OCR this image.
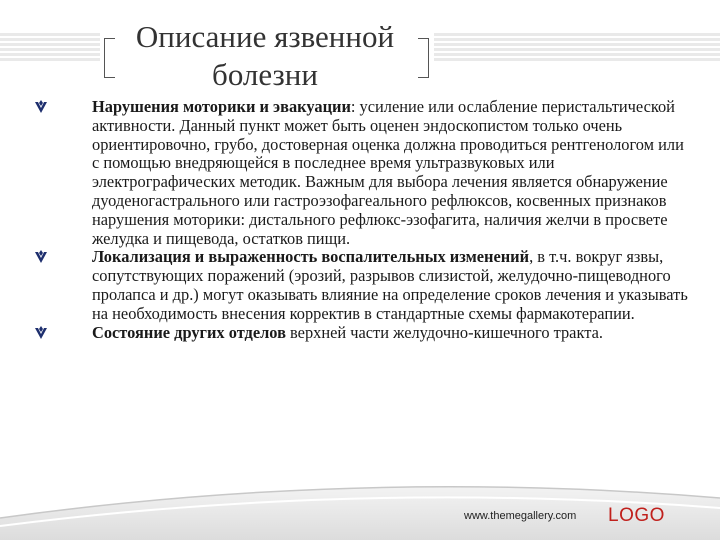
Описание язвенной
болезни
Нарушения моторики и эвакуации: усиление или ослабление перистальтической активности. Данный пункт может быть оценен эндоскопистом только очень ориентировочно, грубо, достоверная оценка должна проводиться рентгенологом или с помощью внедряющейся в последнее время ультразвуковых или электрографических методик. Важным для выбора лечения является обнаружение дуоденогастрального или гастроэзофагеального рефлюксов, косвенных признаков нарушения моторики: дистального рефлюкс-эзофагита, наличия желчи в просвете желудка и пищевода, остатков пищи.
Локализация и выраженность воспалительных изменений, в т.ч. вокруг язвы, сопутствующих поражений (эрозий, разрывов слизистой, желудочно-пищеводного пролапса и др.) могут оказывать влияние на определение сроков лечения и указывать на необходимость внесения корректив в стандартные схемы фармакотерапии.
Состояние других отделов верхней части желудочно-кишечного тракта.
www.themegallery.com LOGO
